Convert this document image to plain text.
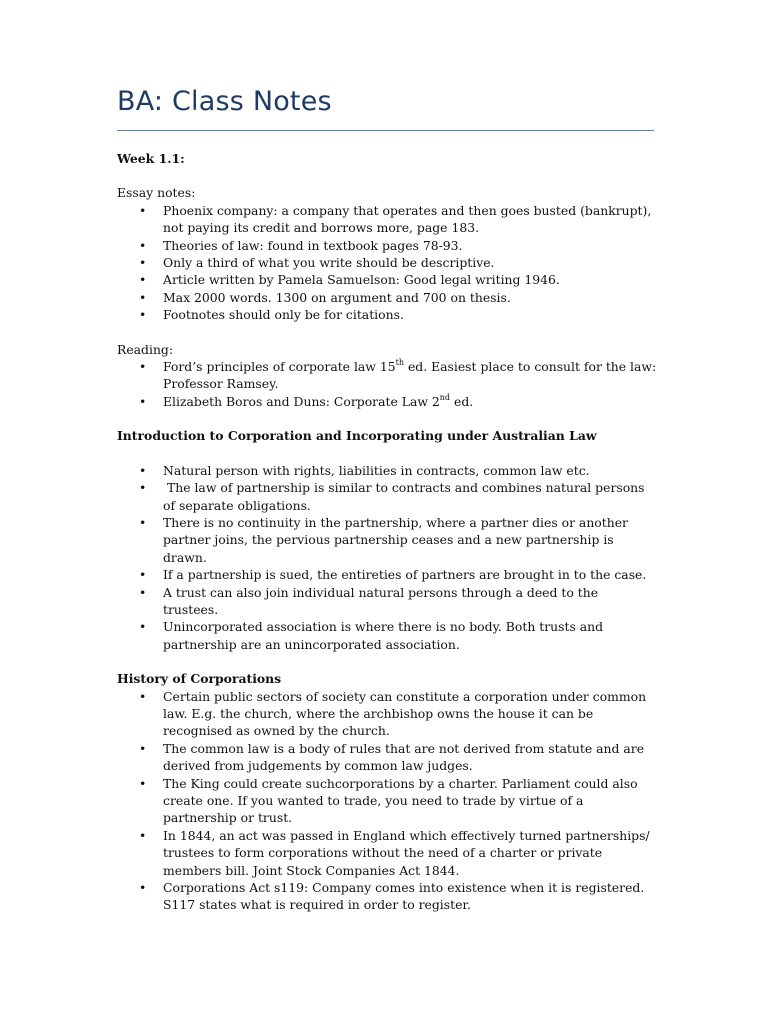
BA: Class Notes

Week 1.1:

Essay notes:

• Phoenix company: a company that operates and then goes busted (bankrupt), not paying its credit and borrows more, page 183.
• Theories of law: found in textbook pages 78-93.
• Only a third of what you write should be descriptive.
• Article written by Pamela Samuelson: Good legal writing 1946.
• Max 2000 words. 1300 on argument and 700 on thesis.
• Footnotes should only be for citations.

Reading:

• Ford’s principles of corporate law 15th ed. Easiest place to consult for the law: Professor Ramsey.
• Elizabeth Boros and Duns: Corporate Law 2nd ed.

Introduction to Corporation and Incorporating under Australian Law

• Natural person with rights, liabilities in contracts, common law etc.
• The law of partnership is similar to contracts and combines natural persons of separate obligations.
• There is no continuity in the partnership, where a partner dies or another partner joins, the pervious partnership ceases and a new partnership is drawn.
• If a partnership is sued, the entireties of partners are brought in to the case.
• A trust can also join individual natural persons through a deed to the trustees.
• Unincorporated association is where there is no body. Both trusts and partnership are an unincorporated association.

History of Corporations

• Certain public sectors of society can constitute a corporation under common law. E.g. the church, where the archbishop owns the house it can be recognised as owned by the church.
• The common law is a body of rules that are not derived from statute and are derived from judgements by common law judges.
• The King could create suchcorporations by a charter. Parliament could also create one. If you wanted to trade, you need to trade by virtue of a partnership or trust.
• In 1844, an act was passed in England which effectively turned partnerships/ trustees to form corporations without the need of a charter or private members bill. Joint Stock Companies Act 1844.
• Corporations Act s119: Company comes into existence when it is registered. S117 states what is required in order to register.
